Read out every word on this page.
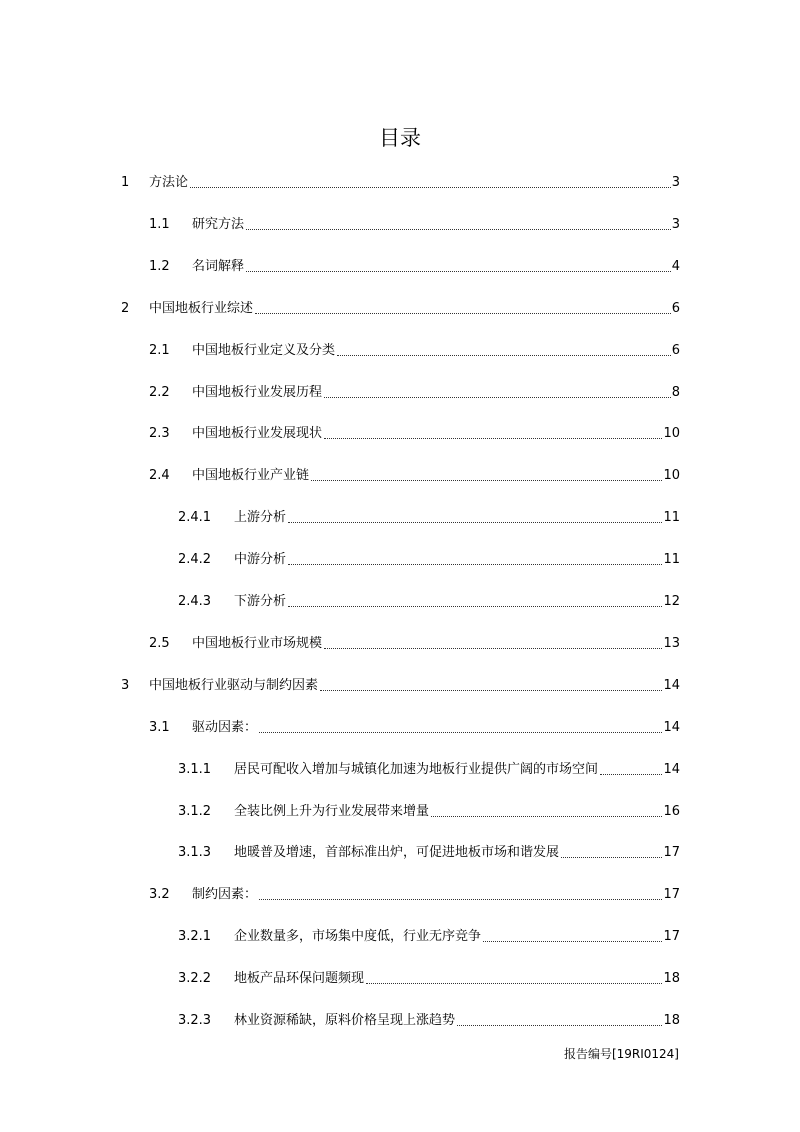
目录
1	方法论	3
1.1	研究方法	3
1.2	名词解释	4
2	中国地板行业综述	6
2.1	中国地板行业定义及分类	6
2.2	中国地板行业发展历程	8
2.3	中国地板行业发展现状	10
2.4	中国地板行业产业链	10
2.4.1	上游分析	11
2.4.2	中游分析	11
2.4.3	下游分析	12
2.5	中国地板行业市场规模	13
3	中国地板行业驱动与制约因素	14
3.1	驱动因素：	14
3.1.1	居民可配收入增加与城镇化加速为地板行业提供广阔的市场空间	14
3.1.2	全装比例上升为行业发展带来增量	16
3.1.3	地暖普及增速，首部标准出炉，可促进地板市场和谐发展	17
3.2	制约因素：	17
3.2.1	企业数量多，市场集中度低，行业无序竞争	17
3.2.2	地板产品环保问题频现	18
3.2.3	林业资源稀缺，原料价格呈现上涨趋势	18
报告编号[19RI0124]
